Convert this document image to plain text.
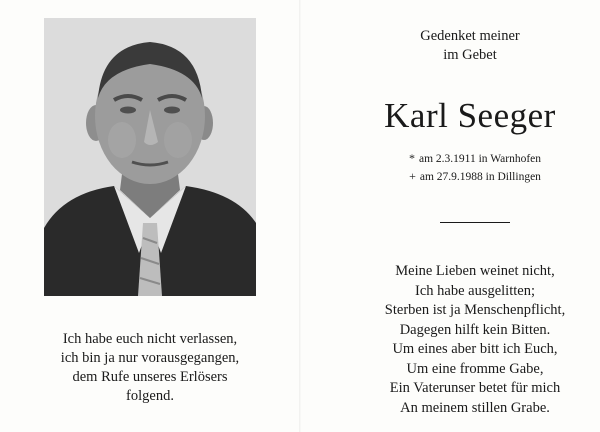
Ich habe euch nicht verlassen,
ich bin ja nur vorausgegangen,
dem Rufe unseres Erlösers
folgend.
Gedenket meiner
im Gebet
Karl Seeger
* am 2.3.1911 in Warnhofen
+ am 27.9.1988 in Dillingen
Meine Lieben weinet nicht,
Ich habe ausgelitten;
Sterben ist ja Menschenpflicht,
Dagegen hilft kein Bitten.
Um eines aber bitt ich Euch,
Um eine fromme Gabe,
Ein Vaterunser betet für mich
An meinem stillen Grabe.
